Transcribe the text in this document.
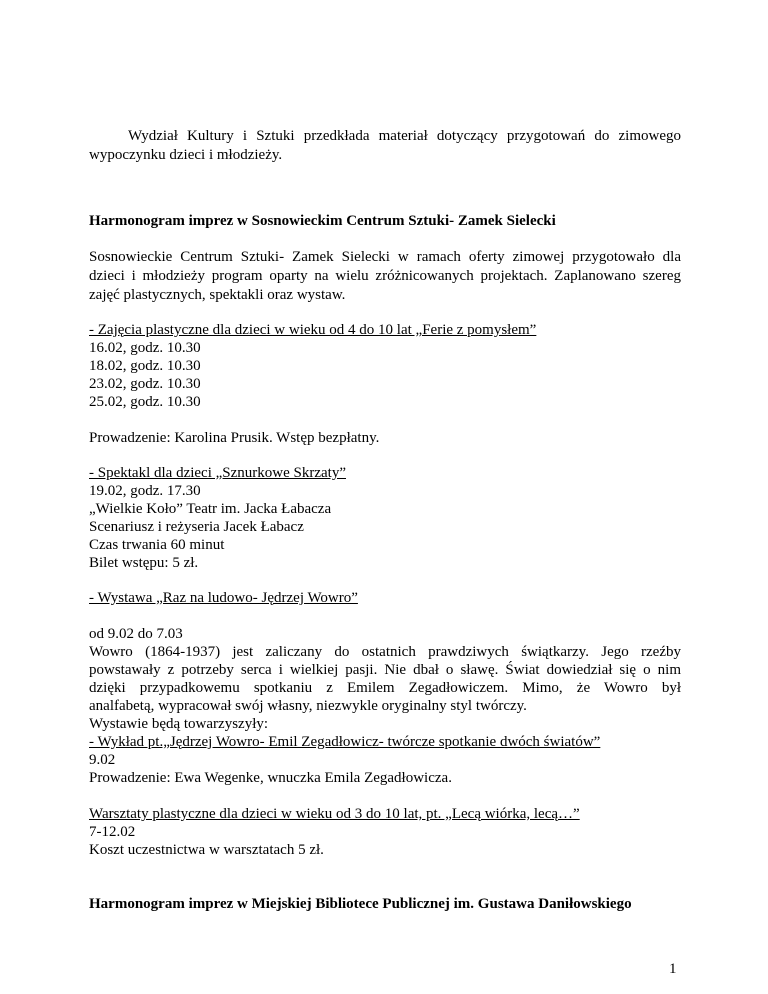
Wydział Kultury i Sztuki przedkłada materiał dotyczący przygotowań do zimowego

wypoczynku dzieci i młodzieży.

Harmonogram imprez w Sosnowieckim Centrum Sztuki- Zamek Sielecki

Sosnowieckie Centrum Sztuki- Zamek Sielecki w ramach oferty zimowej przygotowało dla

dzieci i młodzieży program oparty na wielu zróżnicowanych projektach. Zaplanowano szereg

zajęć plastycznych, spektakli oraz wystaw.

- Zajęcia plastyczne dla dzieci w wieku od 4 do 10 lat „Ferie z pomysłem”

16.02, godz. 10.30

18.02, godz. 10.30

23.02, godz. 10.30

25.02, godz. 10.30

Prowadzenie: Karolina Prusik. Wstęp bezpłatny.

- Spektakl dla dzieci „Sznurkowe Skrzaty”

19.02, godz. 17.30

„Wielkie Koło” Teatr im. Jacka Łabacza

Scenariusz i reżyseria Jacek Łabacz

Czas trwania 60 minut

Bilet wstępu: 5 zł.

- Wystawa „Raz na ludowo- Jędrzej Wowro”

od 9.02 do 7.03

Wowro (1864-1937) jest zaliczany do ostatnich prawdziwych świątkarzy. Jego rzeźby

powstawały z potrzeby serca i wielkiej pasji. Nie dbał o sławę. Świat dowiedział się o nim

dzięki przypadkowemu spotkaniu z Emilem Zegadłowiczem. Mimo, że Wowro był

analfabetą, wypracował swój własny, niezwykle oryginalny styl twórczy.

Wystawie będą towarzyszyły:

- Wykład pt.„Jędrzej Wowro- Emil Zegadłowicz- twórcze spotkanie dwóch światów”

9.02

Prowadzenie: Ewa Wegenke, wnuczka Emila Zegadłowicza.

Warsztaty plastyczne dla dzieci w wieku od 3 do 10 lat, pt. „Lecą wiórka, lecą…”

7-12.02

Koszt uczestnictwa w warsztatach 5 zł.

Harmonogram imprez w Miejskiej Bibliotece Publicznej im. Gustawa Daniłowskiego

1
